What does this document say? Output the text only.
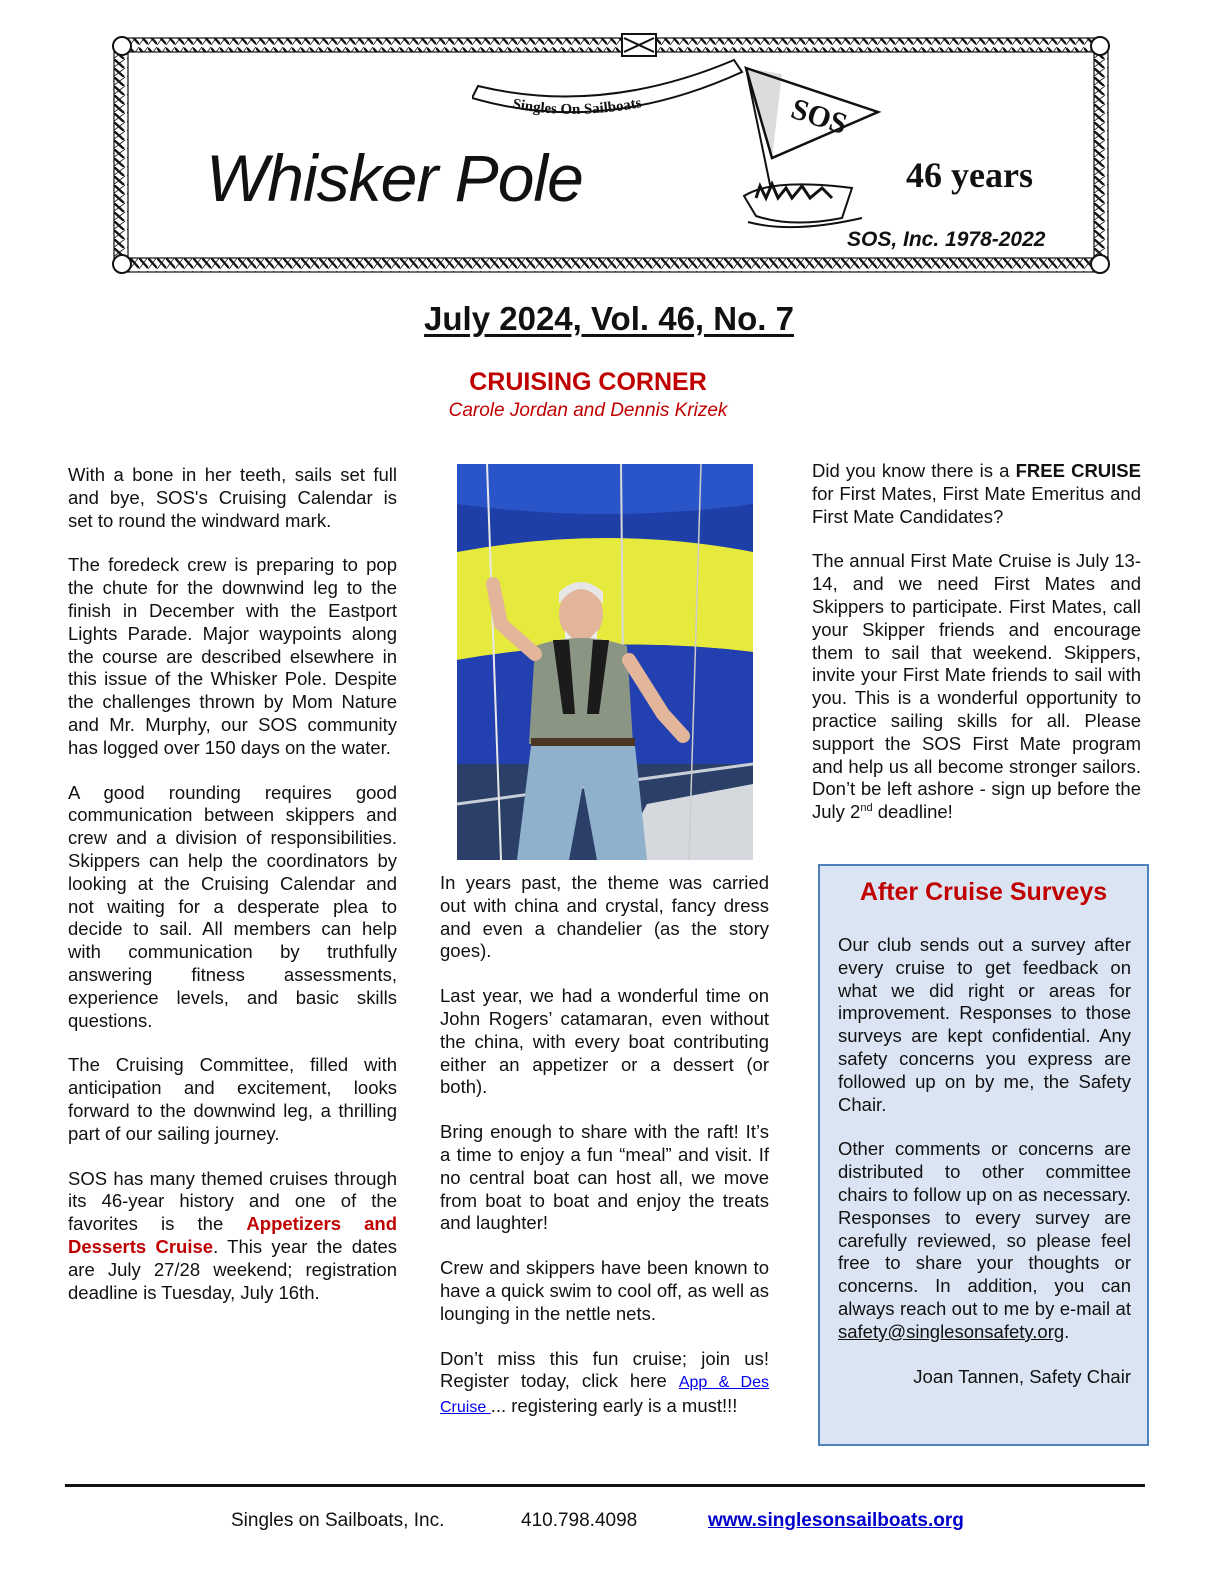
Singles On Sailboats	SOS
Whisker Pole	46 years
SOS, Inc. 1978-2022
July 2024, Vol. 46, No. 7
CRUISING CORNER
Carole Jordan and Dennis Krizek

With a bone in her teeth, sails set full and bye, SOS's Cruising Calendar is set to round the windward mark.

The foredeck crew is preparing to pop the chute for the downwind leg to the finish in December with the Eastport Lights Parade. Major waypoints along the course are described elsewhere in this issue of the Whisker Pole. Despite the challenges thrown by Mom Nature and Mr. Murphy, our SOS community has logged over 150 days on the water.

A good rounding requires good communication between skippers and crew and a division of responsibilities. Skippers can help the coordinators by looking at the Cruising Calendar and not waiting for a desperate plea to decide to sail. All members can help with communication by truthfully answering fitness assessments, experience levels, and basic skills questions.

The Cruising Committee, filled with anticipation and excitement, looks forward to the downwind leg, a thrilling part of our sailing journey.

SOS has many themed cruises through its 46-year history and one of the favorites is the Appetizers and Desserts Cruise. This year the dates are July 27/28 weekend; registration deadline is Tuesday, July 16th.

In years past, the theme was carried out with china and crystal, fancy dress and even a chandelier (as the story goes).

Last year, we had a wonderful time on John Rogers’ catamaran, even without the china, with every boat contributing either an appetizer or a dessert (or both).

Bring enough to share with the raft! It’s a time to enjoy a fun “meal” and visit. If no central boat can host all, we move from boat to boat and enjoy the treats and laughter!

Crew and skippers have been known to have a quick swim to cool off, as well as lounging in the nettle nets.

Don’t miss this fun cruise; join us! Register today, click here App & Des Cruise ... registering early is a must!!!

Did you know there is a FREE CRUISE for First Mates, First Mate Emeritus and First Mate Candidates?

The annual First Mate Cruise is July 13-14, and we need First Mates and Skippers to participate. First Mates, call your Skipper friends and encourage them to sail that weekend. Skippers, invite your First Mate friends to sail with you. This is a wonderful opportunity to practice sailing skills for all. Please support the SOS First Mate program and help us all become stronger sailors. Don’t be left ashore - sign up before the July 2nd deadline!

After Cruise Surveys

Our club sends out a survey after every cruise to get feedback on what we did right or areas for improvement. Responses to those surveys are kept confidential. Any safety concerns you express are followed up on by me, the Safety Chair.

Other comments or concerns are distributed to other committee chairs to follow up on as necessary. Responses to every survey are carefully reviewed, so please feel free to share your thoughts or concerns. In addition, you can always reach out to me by e-mail at safety@singlesonsafety.org.

Joan Tannen, Safety Chair

Singles on Sailboats, Inc.	410.798.4098	www.singlesonsailboats.org
